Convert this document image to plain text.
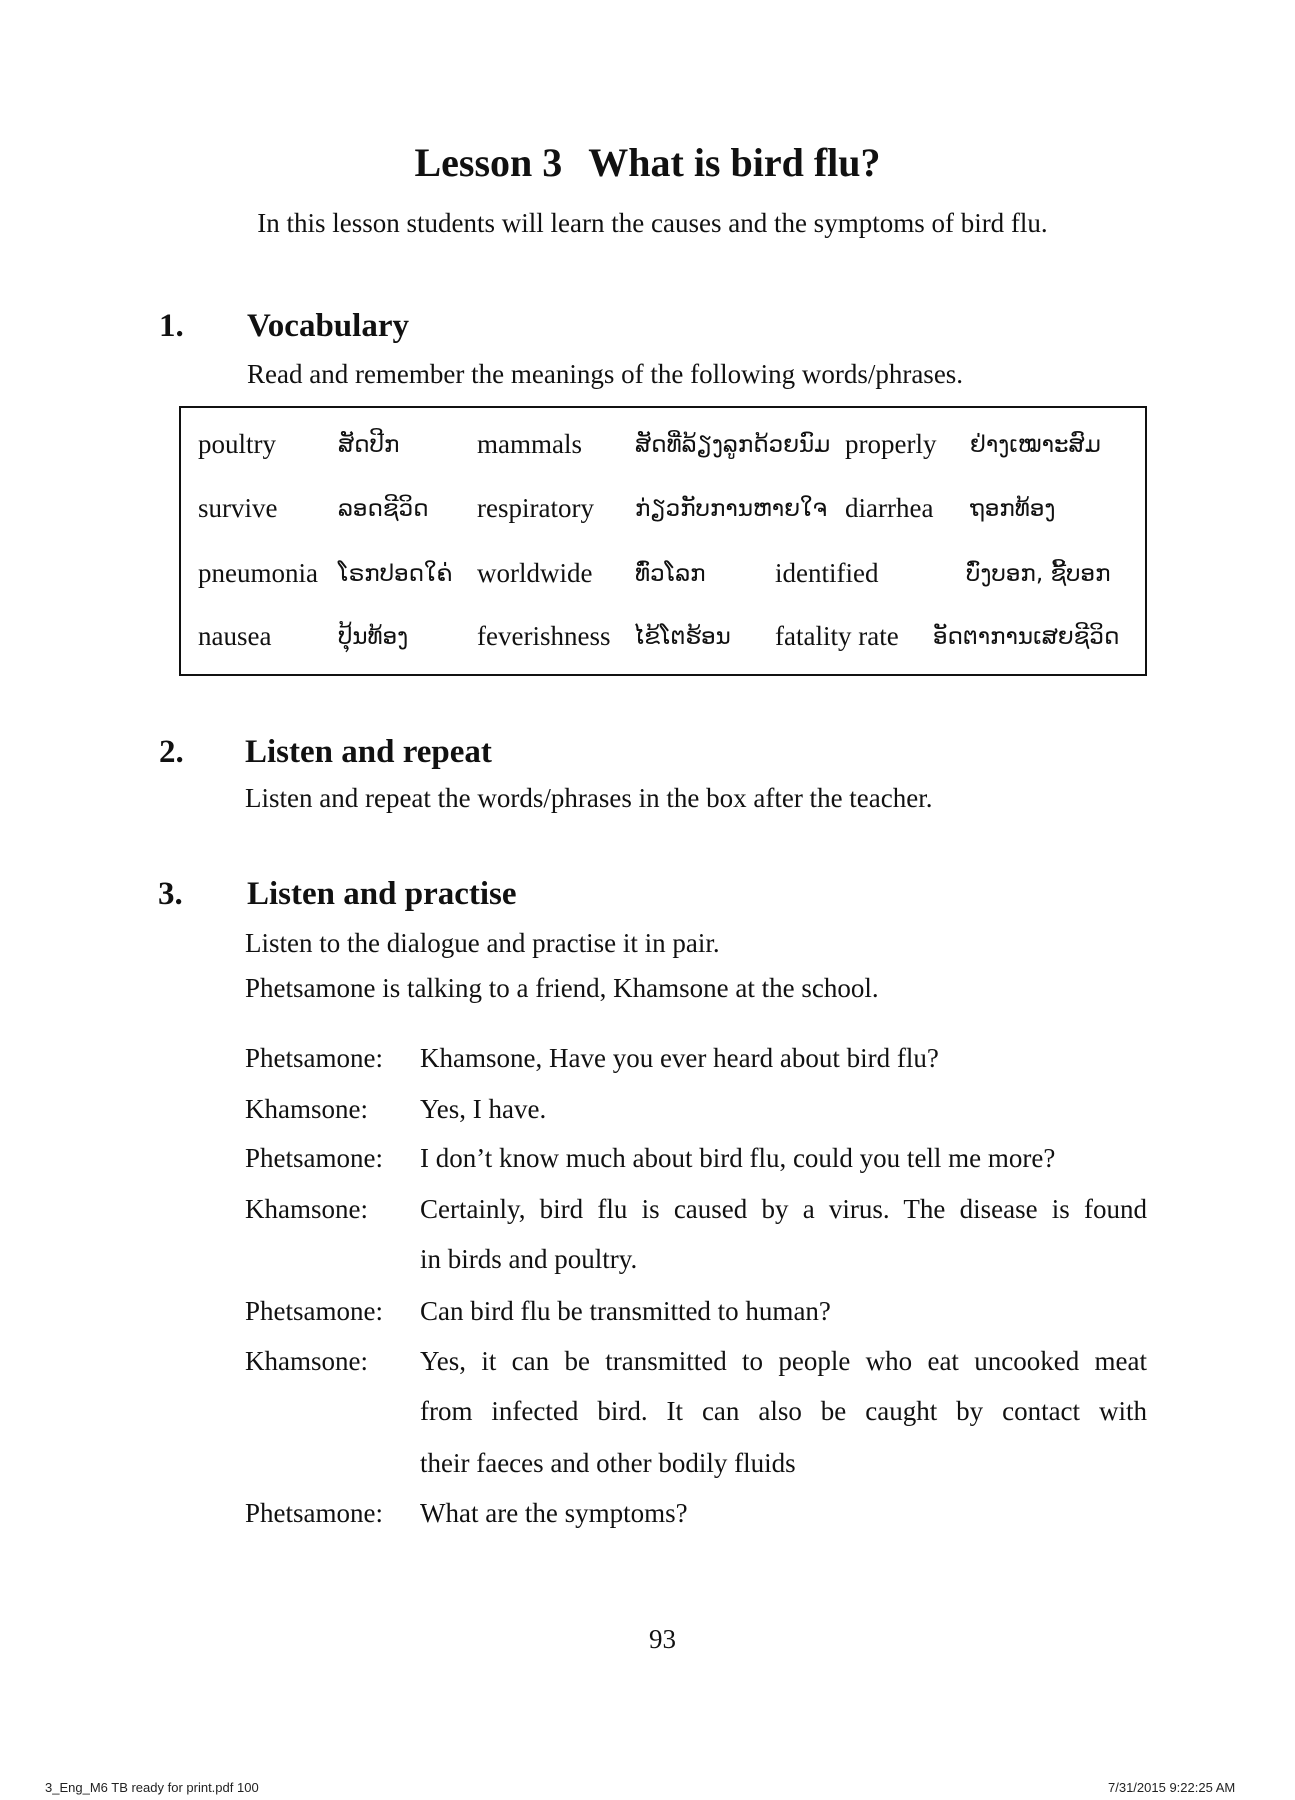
Lesson 3 What is bird flu?
In this lesson students will learn the causes and the symptoms of bird flu.
1. Vocabulary
Read and remember the meanings of the following words/phrases.
poultry	ສັດປີກ	mammals ສັດທີ່ລ້ຽງລູກດ້ວຍນົມ properly ຢ່າງເໝາະສົມ
survive	ລອດຊີວິດ respiratory ກ່ຽວກັບການຫາຍໃຈ diarrhea ຖອກທ້ອງ
pneumonia ໂຣກປອດໃຄ່ worldwide ທົ່ວໂລກ	identified	ບົ່ງບອກ, ຊີ້ບອກ
nausea	ປຸ້ນທ້ອງ	feverishness ໄຂ້ໂຕຮ້ອນ fatality rate ອັດຕາການເສຍຊີວິດ
2. Listen and repeat
Listen and repeat the words/phrases in the box after the teacher.
3. Listen and practise
Listen to the dialogue and practise it in pair.
Phetsamone is talking to a friend, Khamsone at the school.
Phetsamone: Khamsone, Have you ever heard about bird flu?
Khamsone: Yes, I have.
Phetsamone: I don’t know much about bird flu, could you tell me more?
Khamsone: Certainly, bird flu is caused by a virus. The disease is found
in birds and poultry.
Phetsamone: Can bird flu be transmitted to human?
Khamsone: Yes, it can be transmitted to people who eat uncooked meat
from infected bird. It can also be caught by contact with
their faeces and other bodily fluids
Phetsamone: What are the symptoms?
93
3_Eng_M6 TB ready for print.pdf 100	7/31/2015 9:22:25 AM
